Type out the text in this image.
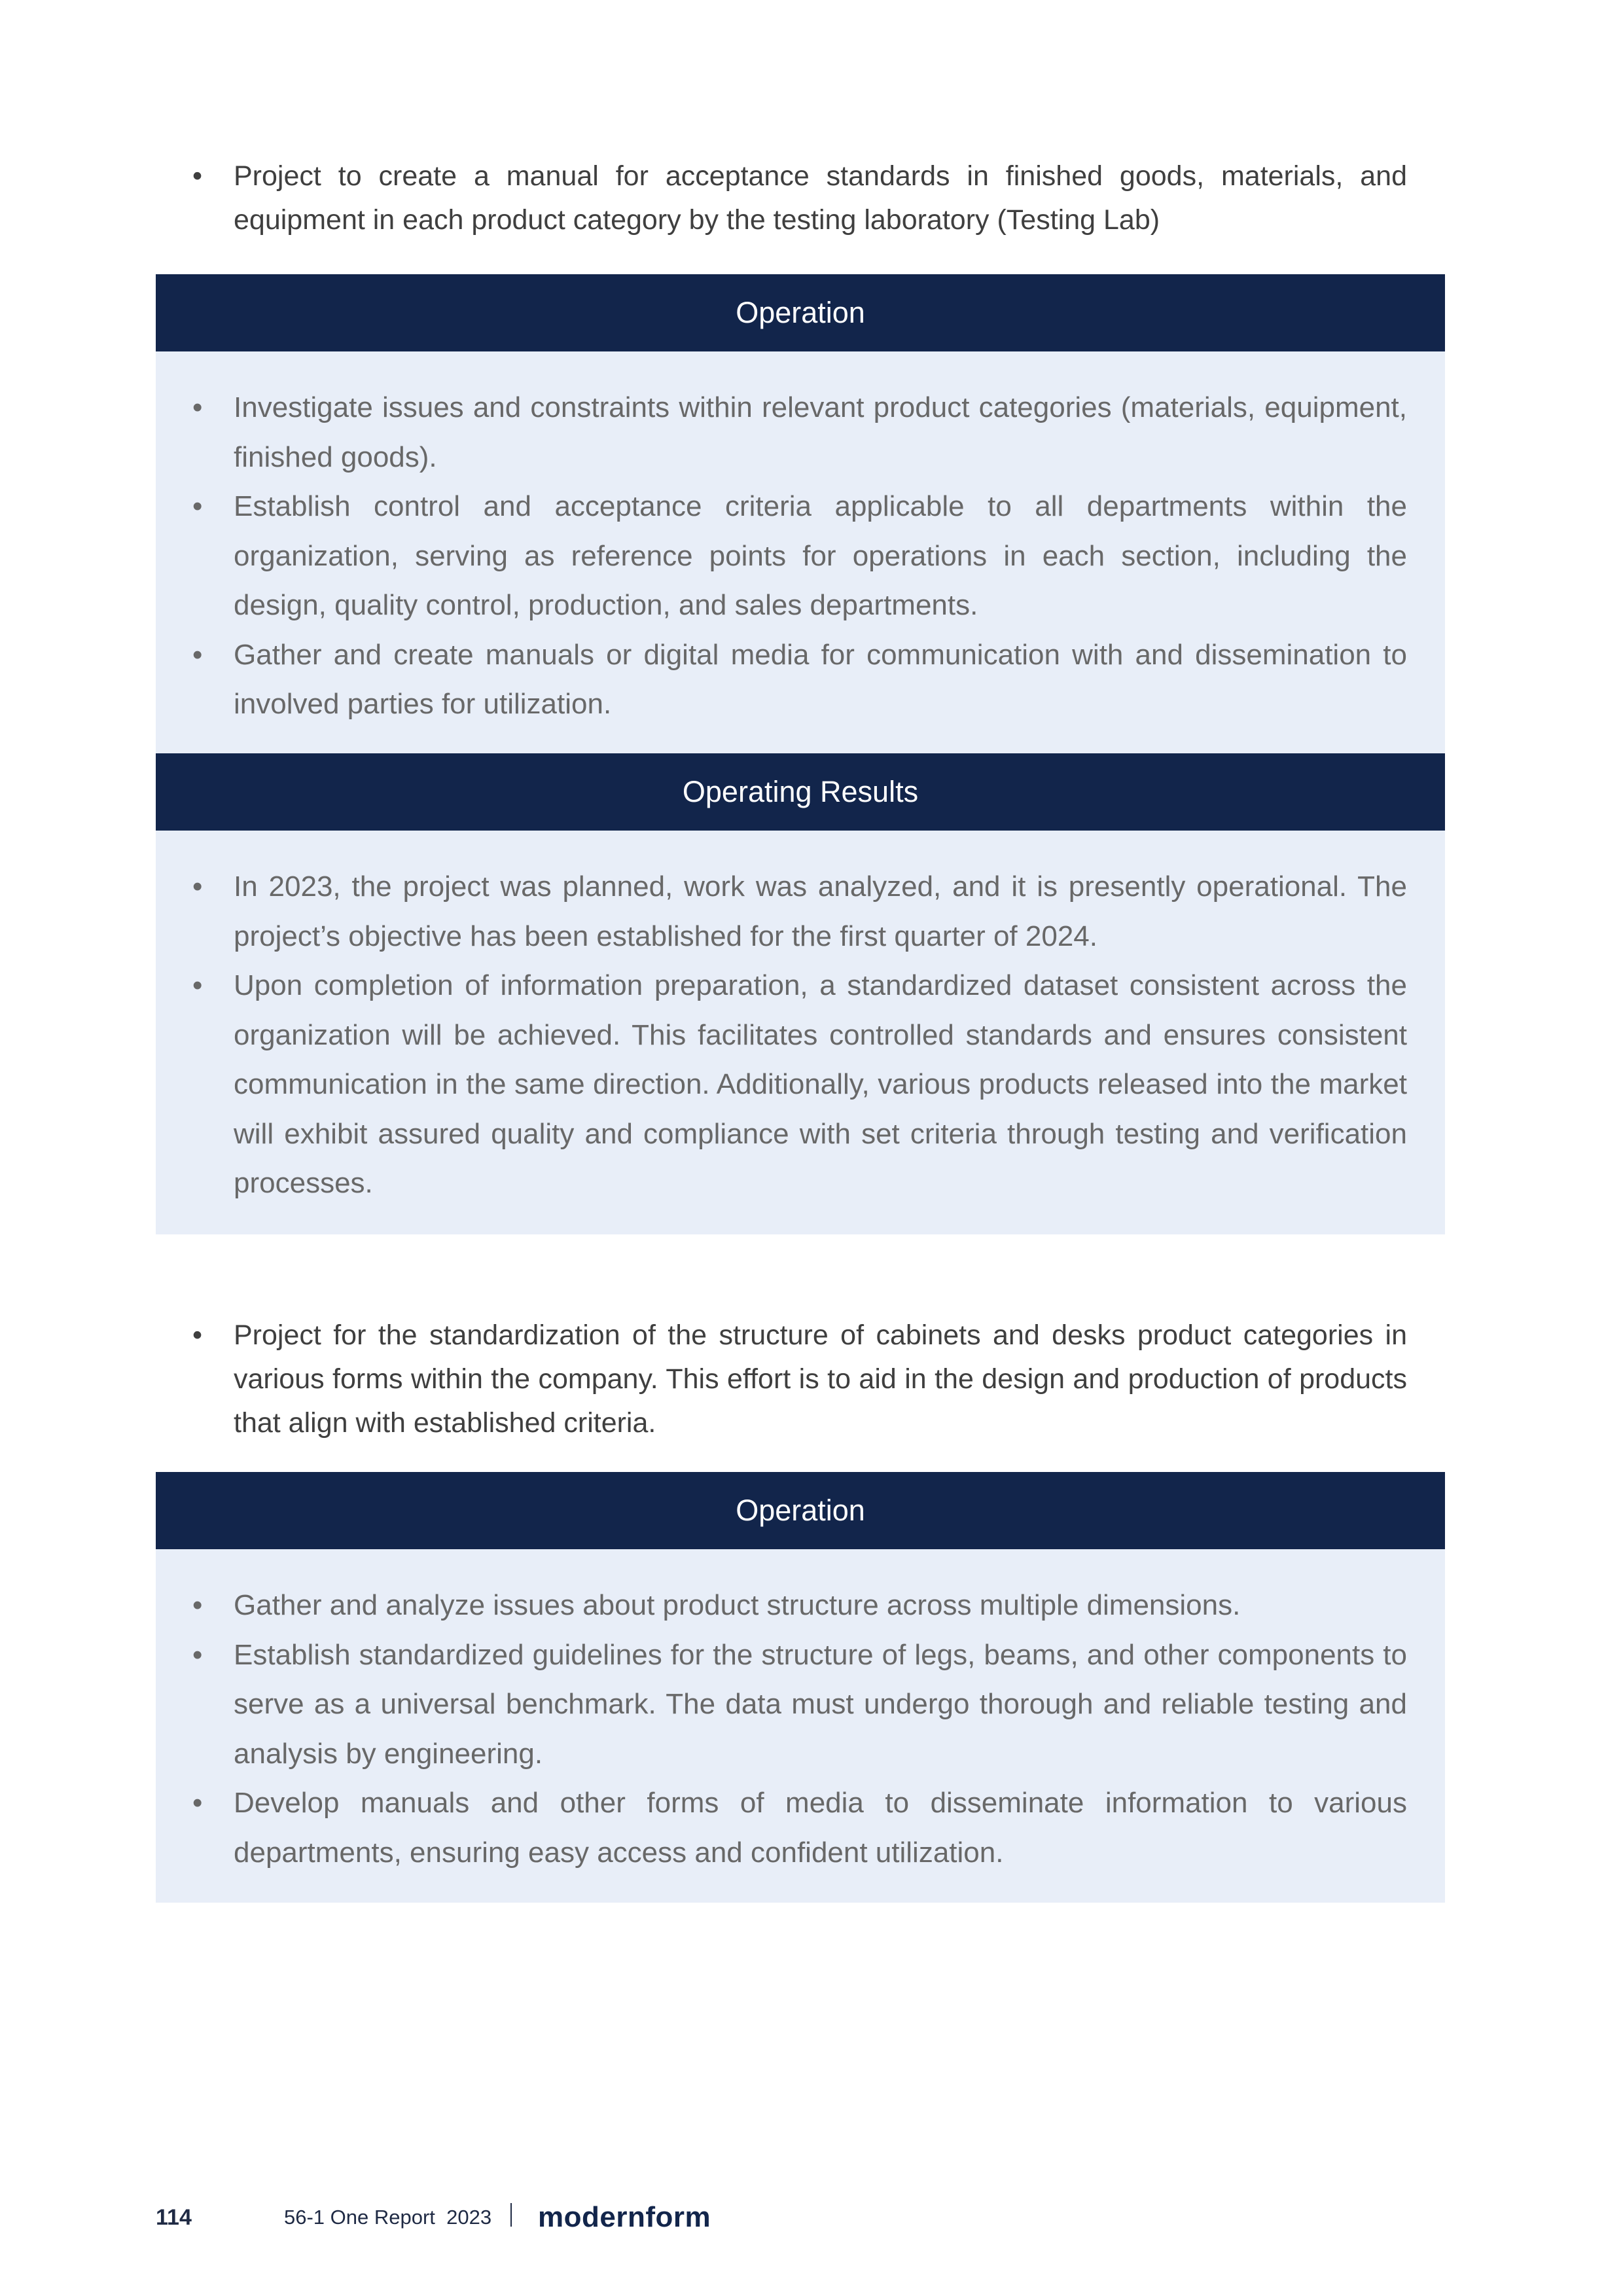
• Project to create a manual for acceptance standards in finished goods, materials, and equipment in each product category by the testing laboratory (Testing Lab)
Operation
• Investigate issues and constraints within relevant product categories (materials, equipment, finished goods).
• Establish control and acceptance criteria applicable to all departments within the organization, serving as reference points for operations in each section, including the design, quality control, production, and sales departments.
• Gather and create manuals or digital media for communication with and dissemination to involved parties for utilization.
Operating Results
• In 2023, the project was planned, work was analyzed, and it is presently operational. The project’s objective has been established for the first quarter of 2024.
• Upon completion of information preparation, a standardized dataset consistent across the organization will be achieved. This facilitates controlled standards and ensures consistent communication in the same direction. Additionally, various products released into the market will exhibit assured quality and compliance with set criteria through testing and verification processes.
• Project for the standardization of the structure of cabinets and desks product categories in various forms within the company. This effort is to aid in the design and production of products that align with established criteria.
Operation
• Gather and analyze issues about product structure across multiple dimensions.
• Establish standardized guidelines for the structure of legs, beams, and other components to serve as a universal benchmark. The data must undergo thorough and reliable testing and analysis by engineering.
• Develop manuals and other forms of media to disseminate information to various departments, ensuring easy access and confident utilization.
114	56-1 One Report  2023 modernform
